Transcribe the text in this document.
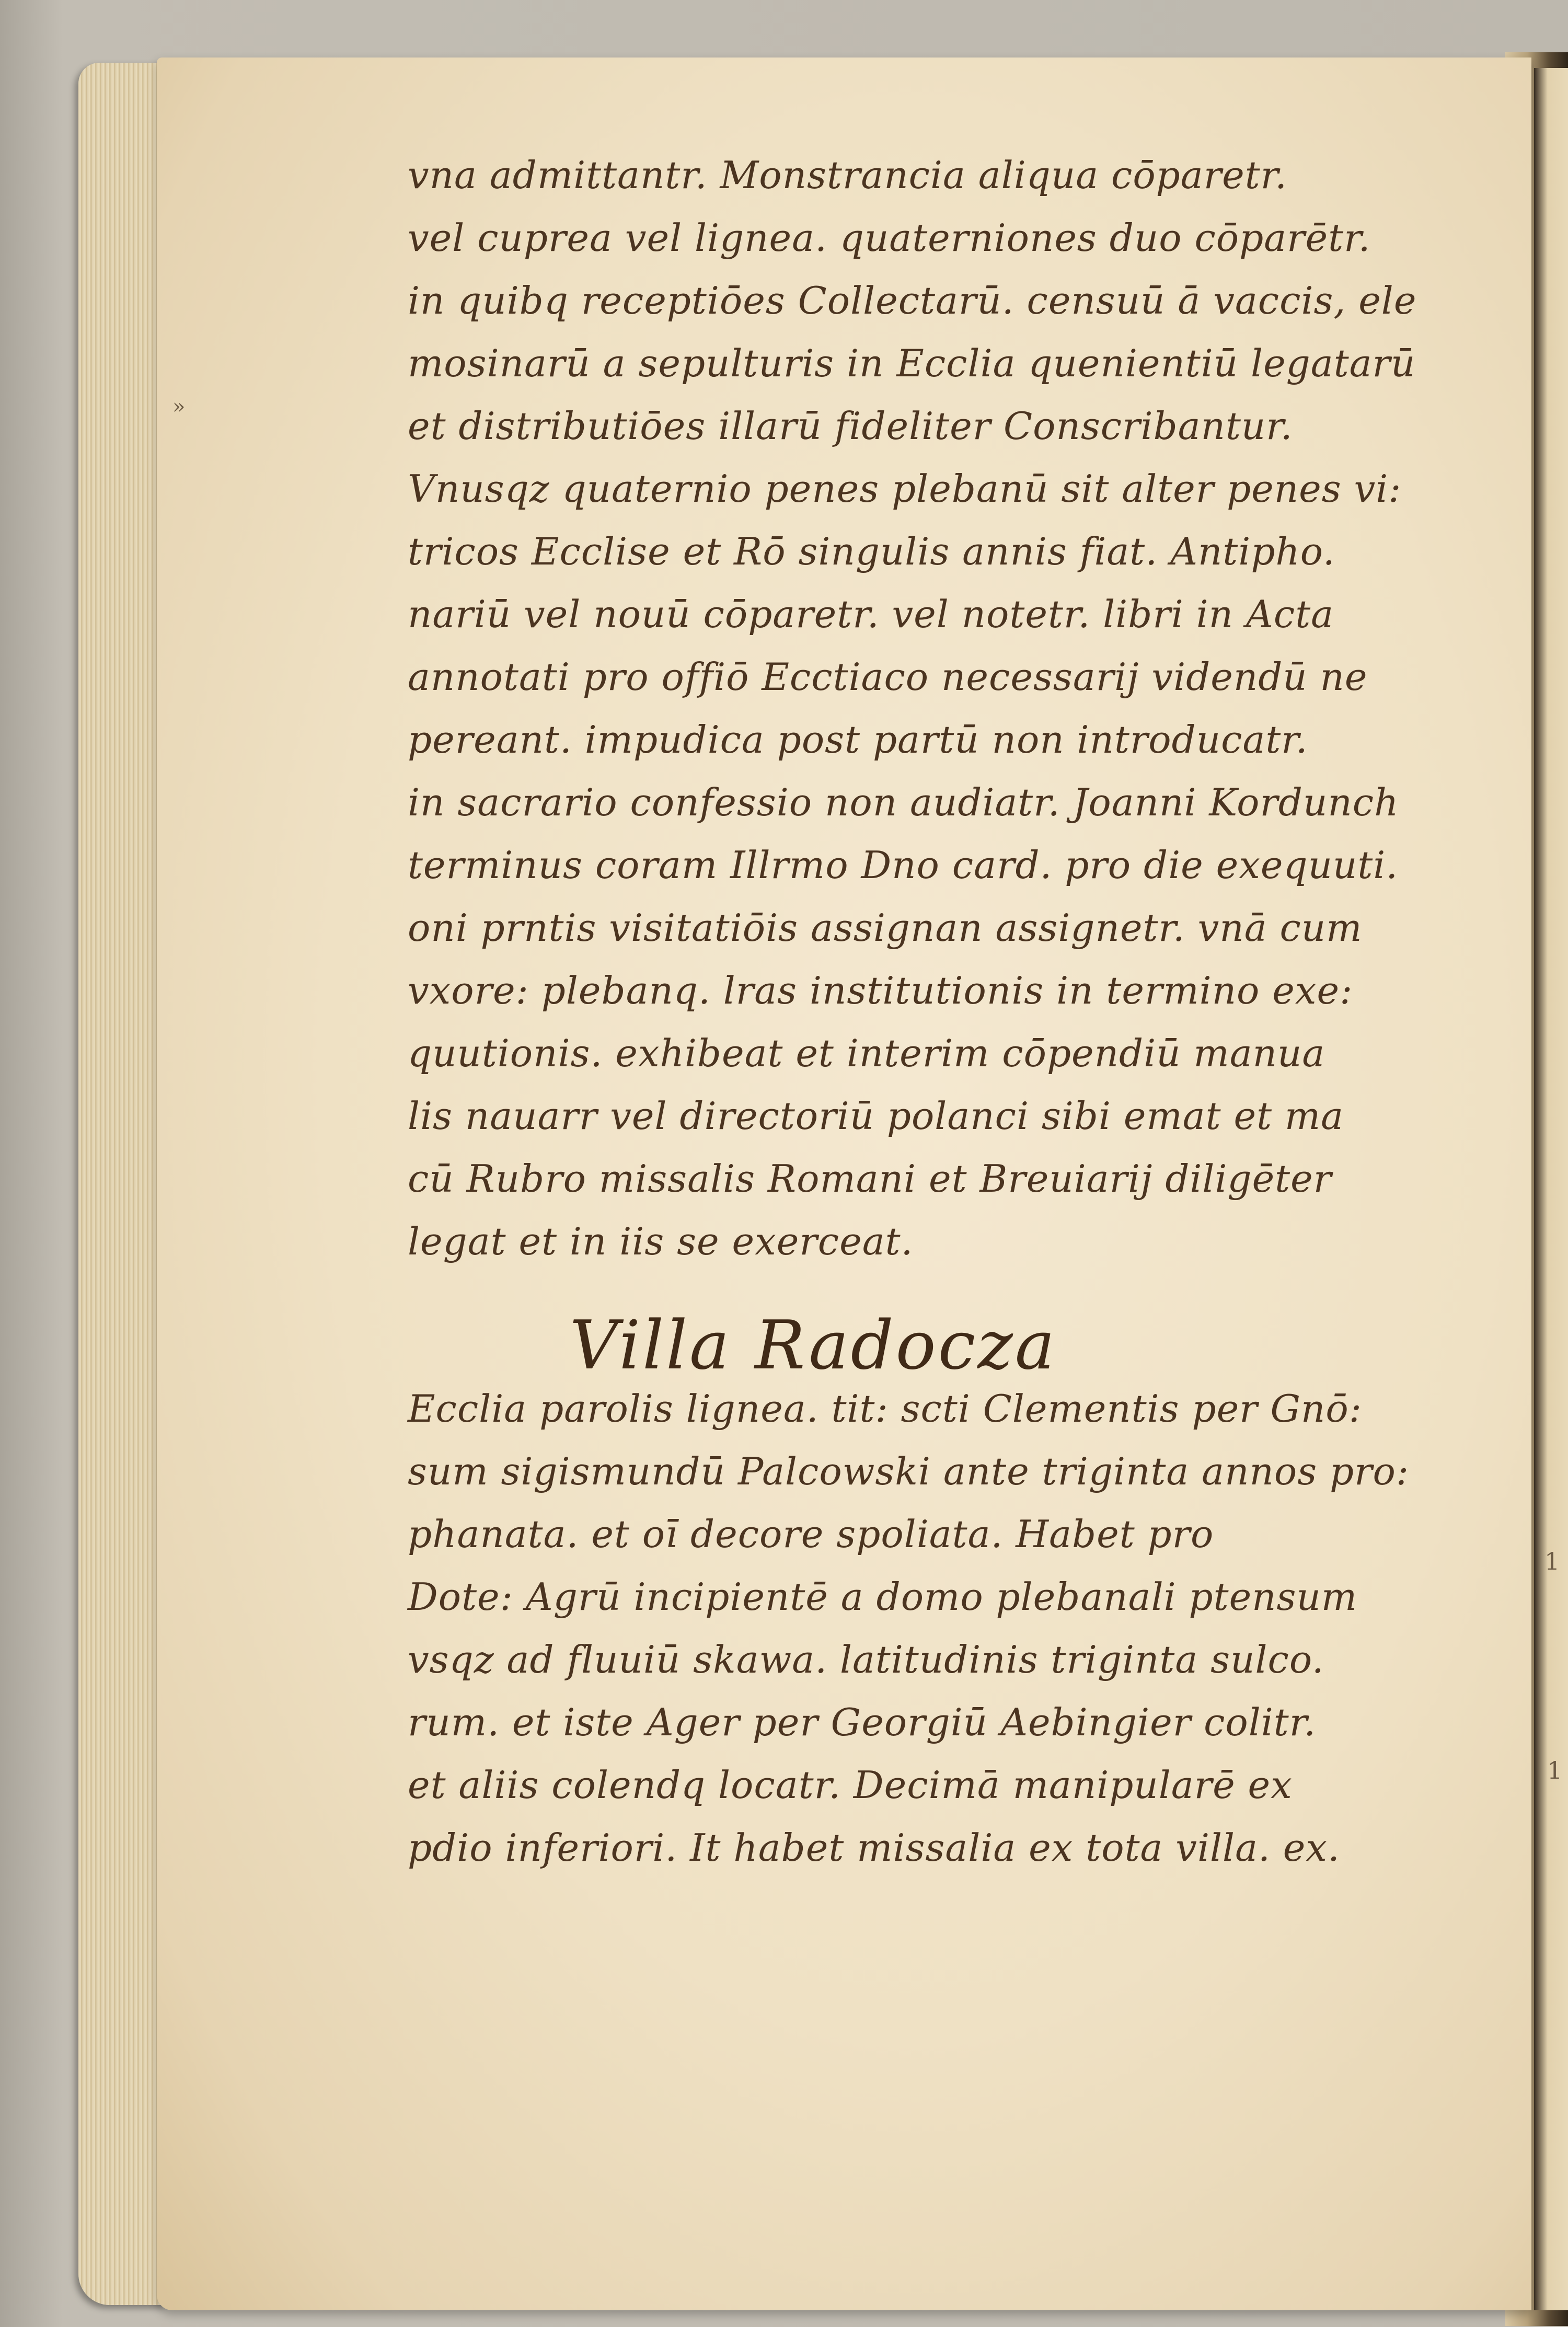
1
1
»
vna admittantr. Monstrancia aliqua cōparetr.
vel cuprea vel lignea. quaterniones duo cōparētr.
in quibq receptiōes Collectarū. censuū ā vaccis, ele
mosinarū a sepulturis in Ecclia quenientiū legatarū
et distributiōes illarū fideliter Conscribantur.
Vnusqz quaternio penes plebanū sit alter penes vi:
tricos Ecclise et Rō singulis annis fiat. Antipho.
nariū vel nouū cōparetr. vel notetr. libri in Acta
annotati pro offiō Ecctiaco necessarij videndū ne
pereant. impudica post partū non introducatr.
in sacrario confessio non audiatr. Joanni Kordunch
terminus coram Illrmo Dno card. pro die exequuti.
oni prntis visitatiōis assignan assignetr. vnā cum
vxore: plebanq. lras institutionis in termino exe:
quutionis. exhibeat et interim cōpendiū manua
lis nauarr vel directoriū polanci sibi emat et ma
cū Rubro missalis Romani et Breuiarij diligēter
legat et in iis se exerceat.
Ecclia parolis lignea. tit: scti Clementis per Gnō:
sum sigismundū Palcowski ante triginta annos pro:
phanata. et oī decore spoliata. Habet pro
Dote: Agrū incipientē a domo plebanali ptensum
vsqz ad fluuiū skawa. latitudinis triginta sulco.
rum. et iste Ager per Georgiū Aebingier colitr.
et aliis colendq locatr. Decimā manipularē ex
pdio inferiori. It habet missalia ex tota villa. ex.
Villa Radocza
